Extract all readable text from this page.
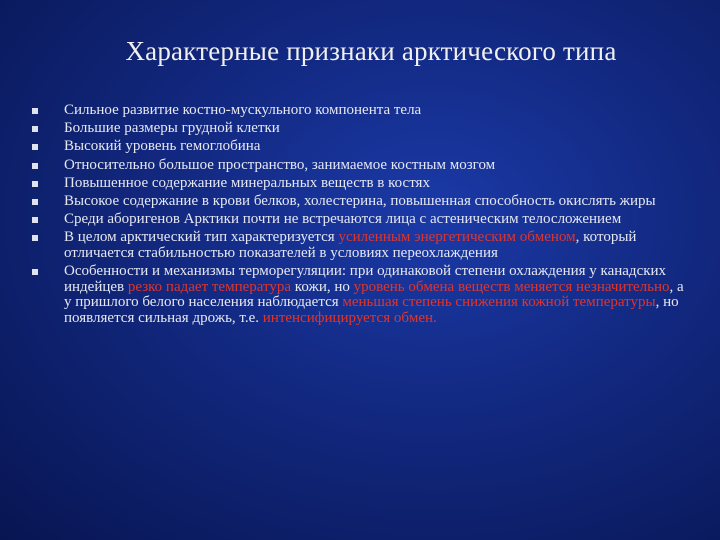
Характерные признаки арктического типа
Сильное развитие костно-мускульного компонента тела
Большие размеры грудной клетки
Высокий уровень гемоглобина
Относительно большое пространство, занимаемое костным мозгом
Повышенное содержание минеральных веществ в костях
Высокое содержание в крови белков, холестерина, повышенная способность окислять жиры
Среди аборигенов Арктики почти не встречаются лица с астеническим телосложением
В целом арктический тип характеризуется усиленным энергетическим обменом, который отличается стабильностью показателей в условиях переохлаждения
Особенности и механизмы терморегуляции: при одинаковой степени охлаждения у канадских индейцев резко падает температура кожи, но уровень обмена веществ меняется незначительно, а у пришлого белого населения наблюдается меньшая степень снижения кожной температуры, но появляется сильная дрожь, т.е. интенсифицируется обмен.
